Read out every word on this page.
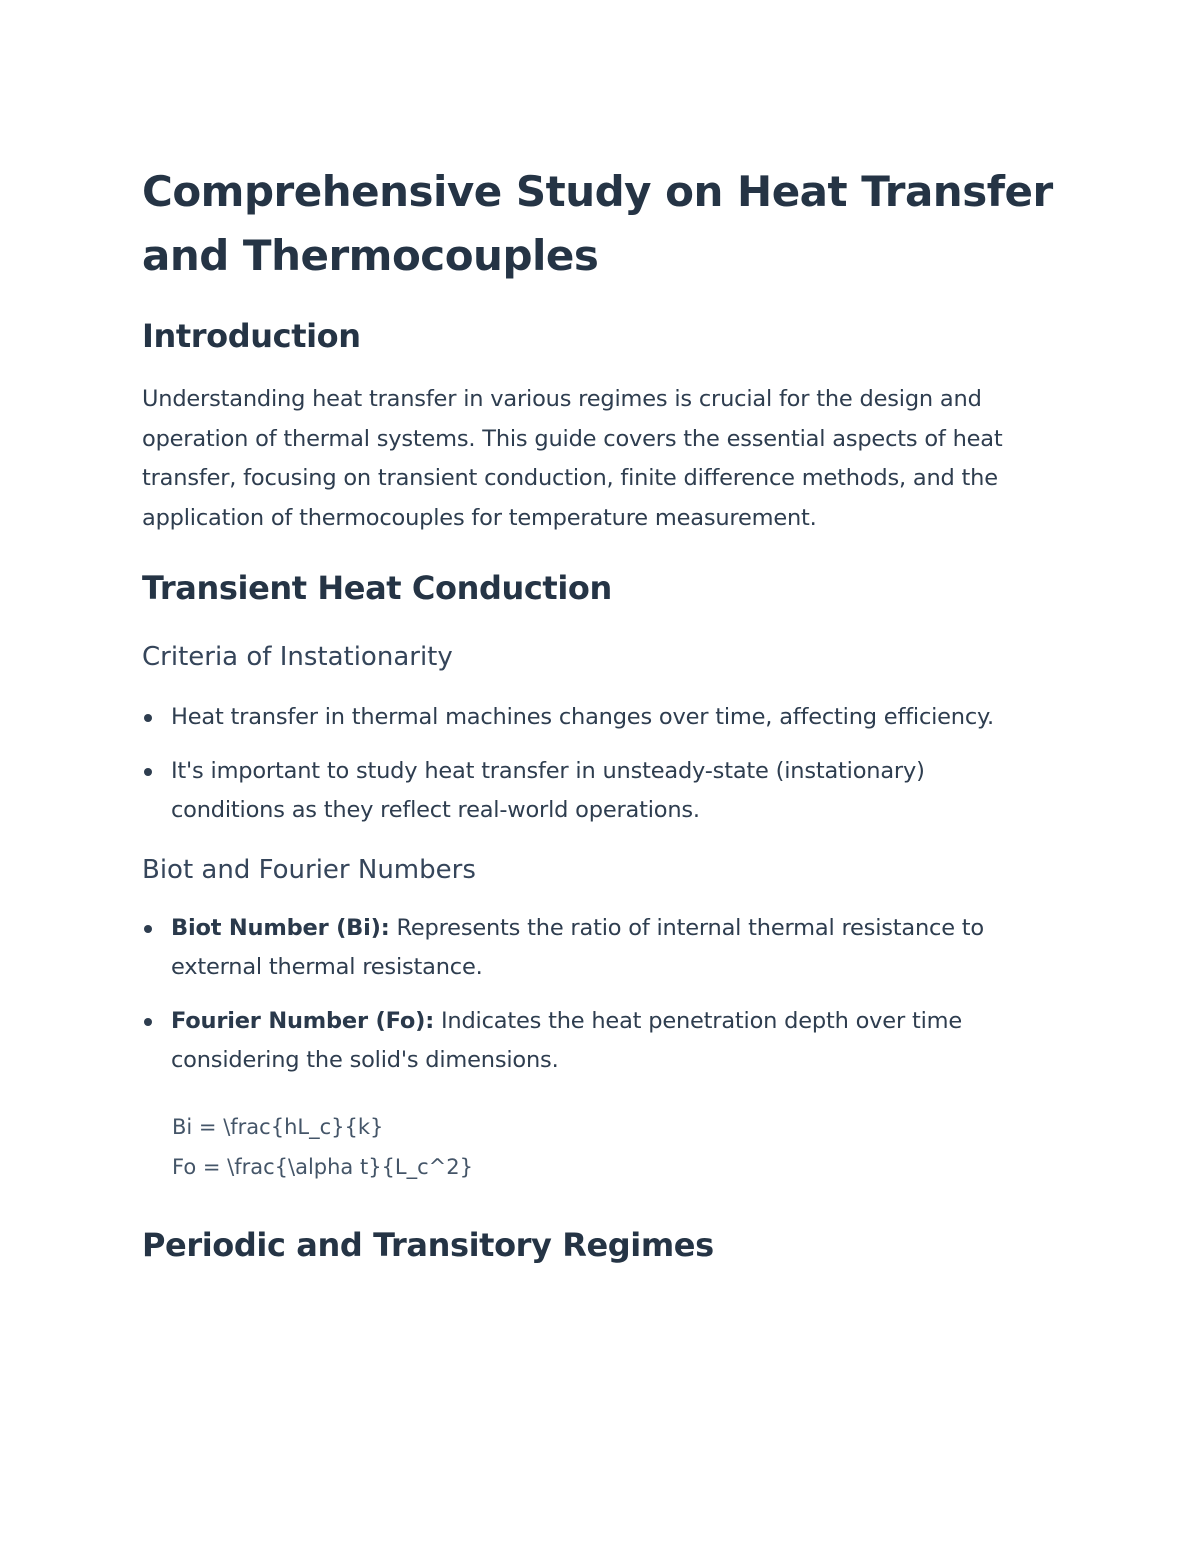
Comprehensive Study on Heat Transfer and Thermocouples
Introduction

Understanding heat transfer in various regimes is crucial for the design and operation of thermal systems. This guide covers the essential aspects of heat transfer, focusing on transient conduction, finite difference methods, and the application of thermocouples for temperature measurement.

Transient Heat Conduction
Criteria of Instationarity
Heat transfer in thermal machines changes over time, affecting efficiency.
It's important to study heat transfer in unsteady-state (instationary) conditions as they reflect real-world operations.
Biot and Fourier Numbers
Biot Number (Bi): Represents the ratio of internal thermal resistance to external thermal resistance.
Fourier Number (Fo): Indicates the heat penetration depth over time considering the solid's dimensions.

Bi = \frac{hL_c}{k}

Fo = \frac{\alpha t}{L_c^2}

Periodic and Transitory Regimes
